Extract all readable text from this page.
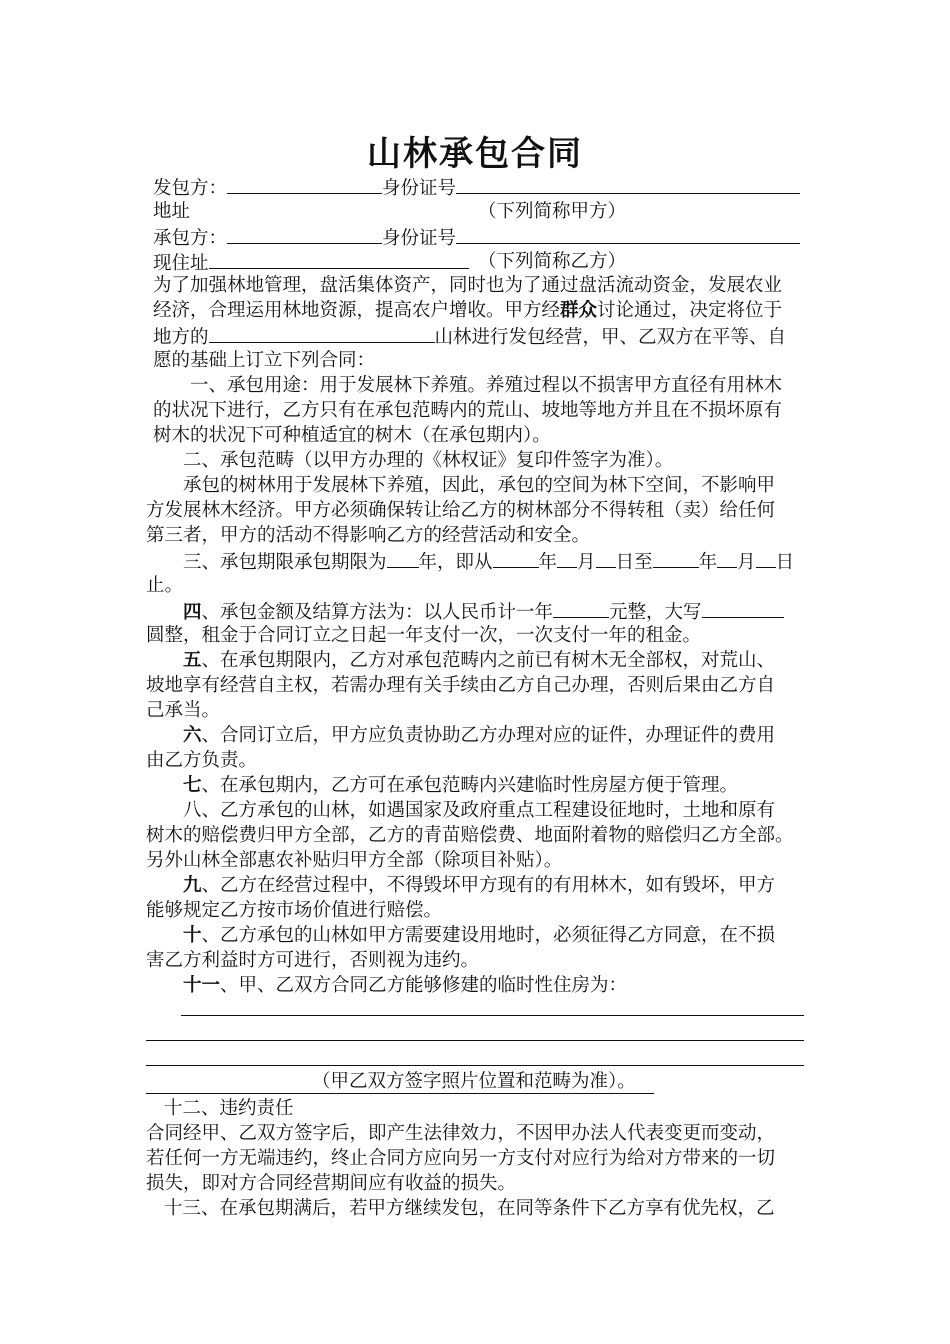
山林承包合同
发包方：	身份证号
地址	（下列简称甲方）
承包方：	身份证号
现住址	（下列简称乙方）
为了加强林地管理，盘活集体资产，同时也为了通过盘活流动资金，发展农业
经济，合理运用林地资源，提高农户增收。甲方经群众讨论通过，决定将位于
地方的	山林进行发包经营，甲、乙双方在平等、自
愿的基础上订立下列合同：
一、承包用途：用于发展林下养殖。养殖过程以不损害甲方直径有用林木
的状况下进行，乙方只有在承包范畴内的荒山、坡地等地方并且在不损坏原有
树木的状况下可种植适宜的树木（在承包期内）。
二、承包范畴（以甲方办理的《林权证》复印件签字为准）。
承包的树林用于发展林下养殖，因此，承包的空间为林下空间，不影响甲
方发展林木经济。甲方必须确保转让给乙方的树林部分不得转租（卖）给任何
第三者，甲方的活动不得影响乙方的经营活动和安全。
三、承包期限承包期限为 年，即从 年 月 日至 年 月 日
止。
四、承包金额及结算方法为：以人民币计一年	元整，大写
圆整，租金于合同订立之日起一年支付一次，一次支付一年的租金。
五、在承包期限内，乙方对承包范畴内之前已有树木无全部权，对荒山、
坡地享有经营自主权，若需办理有关手续由乙方自己办理，否则后果由乙方自
己承当。
六、合同订立后，甲方应负责协助乙方办理对应的证件，办理证件的费用
由乙方负责。
七、在承包期内，乙方可在承包范畴内兴建临时性房屋方便于管理。
八、乙方承包的山林，如遇国家及政府重点工程建设征地时，土地和原有
树木的赔偿费归甲方全部，乙方的青苗赔偿费、地面附着物的赔偿归乙方全部。
另外山林全部惠农补贴归甲方全部（除项目补贴）。
九、乙方在经营过程中，不得毁坏甲方现有的有用林木，如有毁坏，甲方
能够规定乙方按市场价值进行赔偿。
十、乙方承包的山林如甲方需要建设用地时，必须征得乙方同意，在不损
害乙方利益时方可进行，否则视为违约。
十一、甲、乙双方合同乙方能够修建的临时性住房为：
（甲乙双方签字照片位置和范畴为准）。
十二、违约责任
合同经甲、乙双方签字后，即产生法律效力，不因甲办法人代表变更而变动，
若任何一方无端违约，终止合同方应向另一方支付对应行为给对方带来的一切
损失，即对方合同经营期间应有收益的损失。
十三、在承包期满后，若甲方继续发包，在同等条件下乙方享有优先权，乙
